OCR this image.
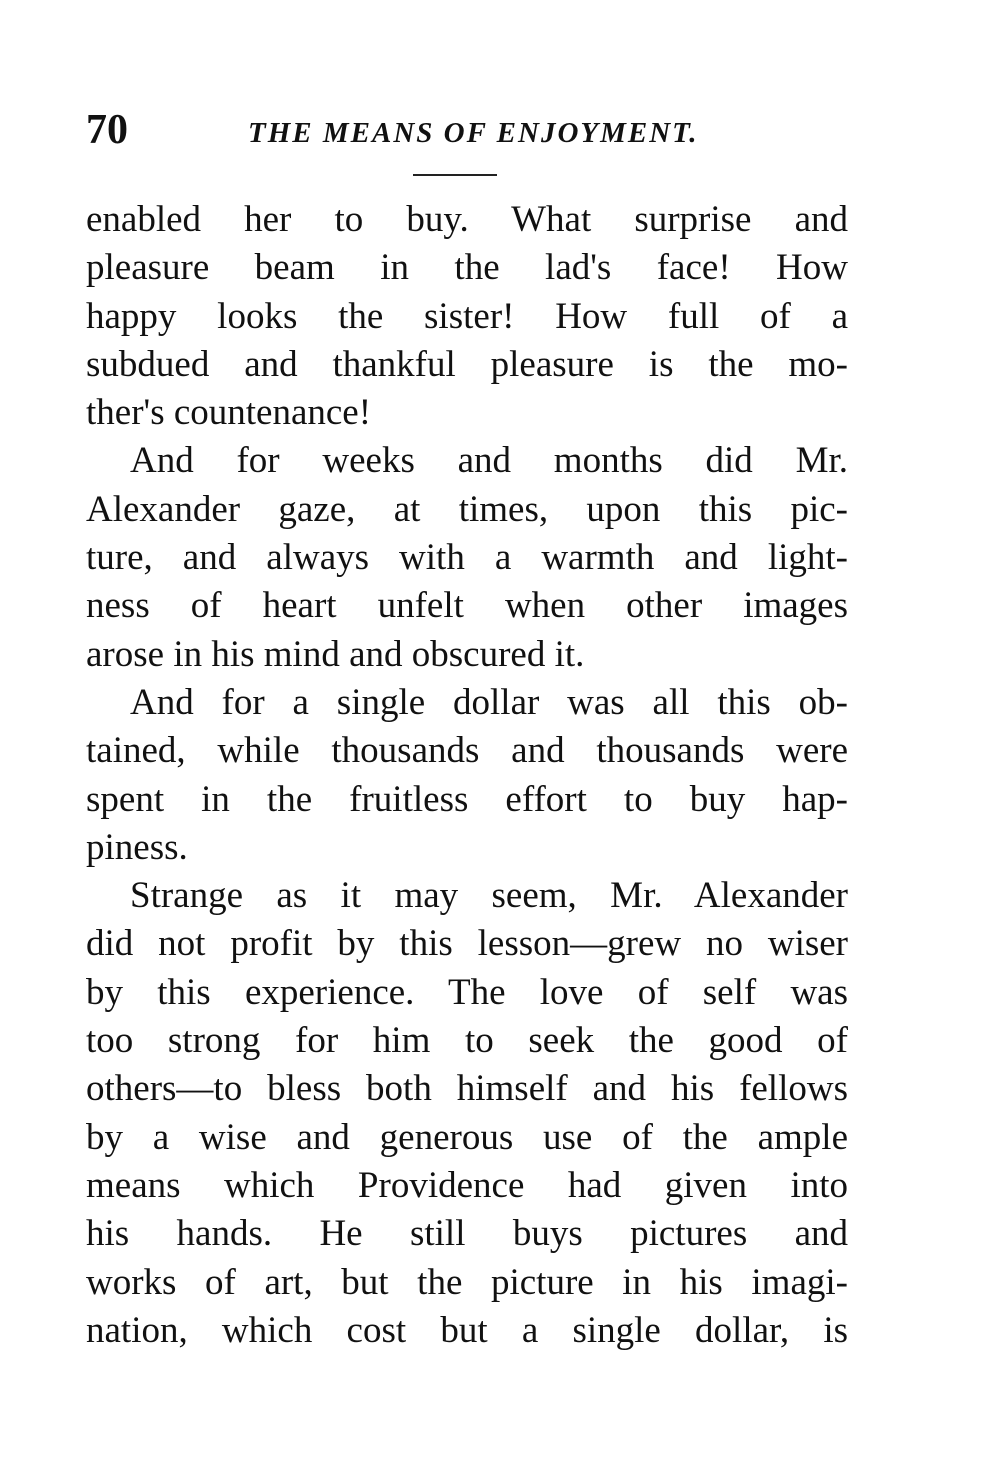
70	THE MEANS OF ENJOYMENT.
enabled her to buy. What surprise and
pleasure beam in the lad's face! How
happy looks the sister! How full of a
subdued and thankful pleasure is the mo-
ther's countenance!
And for weeks and months did Mr.
Alexander gaze, at times, upon this pic-
ture, and always with a warmth and light-
ness of heart unfelt when other images
arose in his mind and obscured it.
And for a single dollar was all this ob-
tained, while thousands and thousands were
spent in the fruitless effort to buy hap-
piness.
Strange as it may seem, Mr. Alexander
did not profit by this lesson—grew no wiser
by this experience. The love of self was
too strong for him to seek the good of
others—to bless both himself and his fellows
by a wise and generous use of the ample
means which Providence had given into
his hands. He still buys pictures and
works of art, but the picture in his imagi-
nation, which cost but a single dollar, is
